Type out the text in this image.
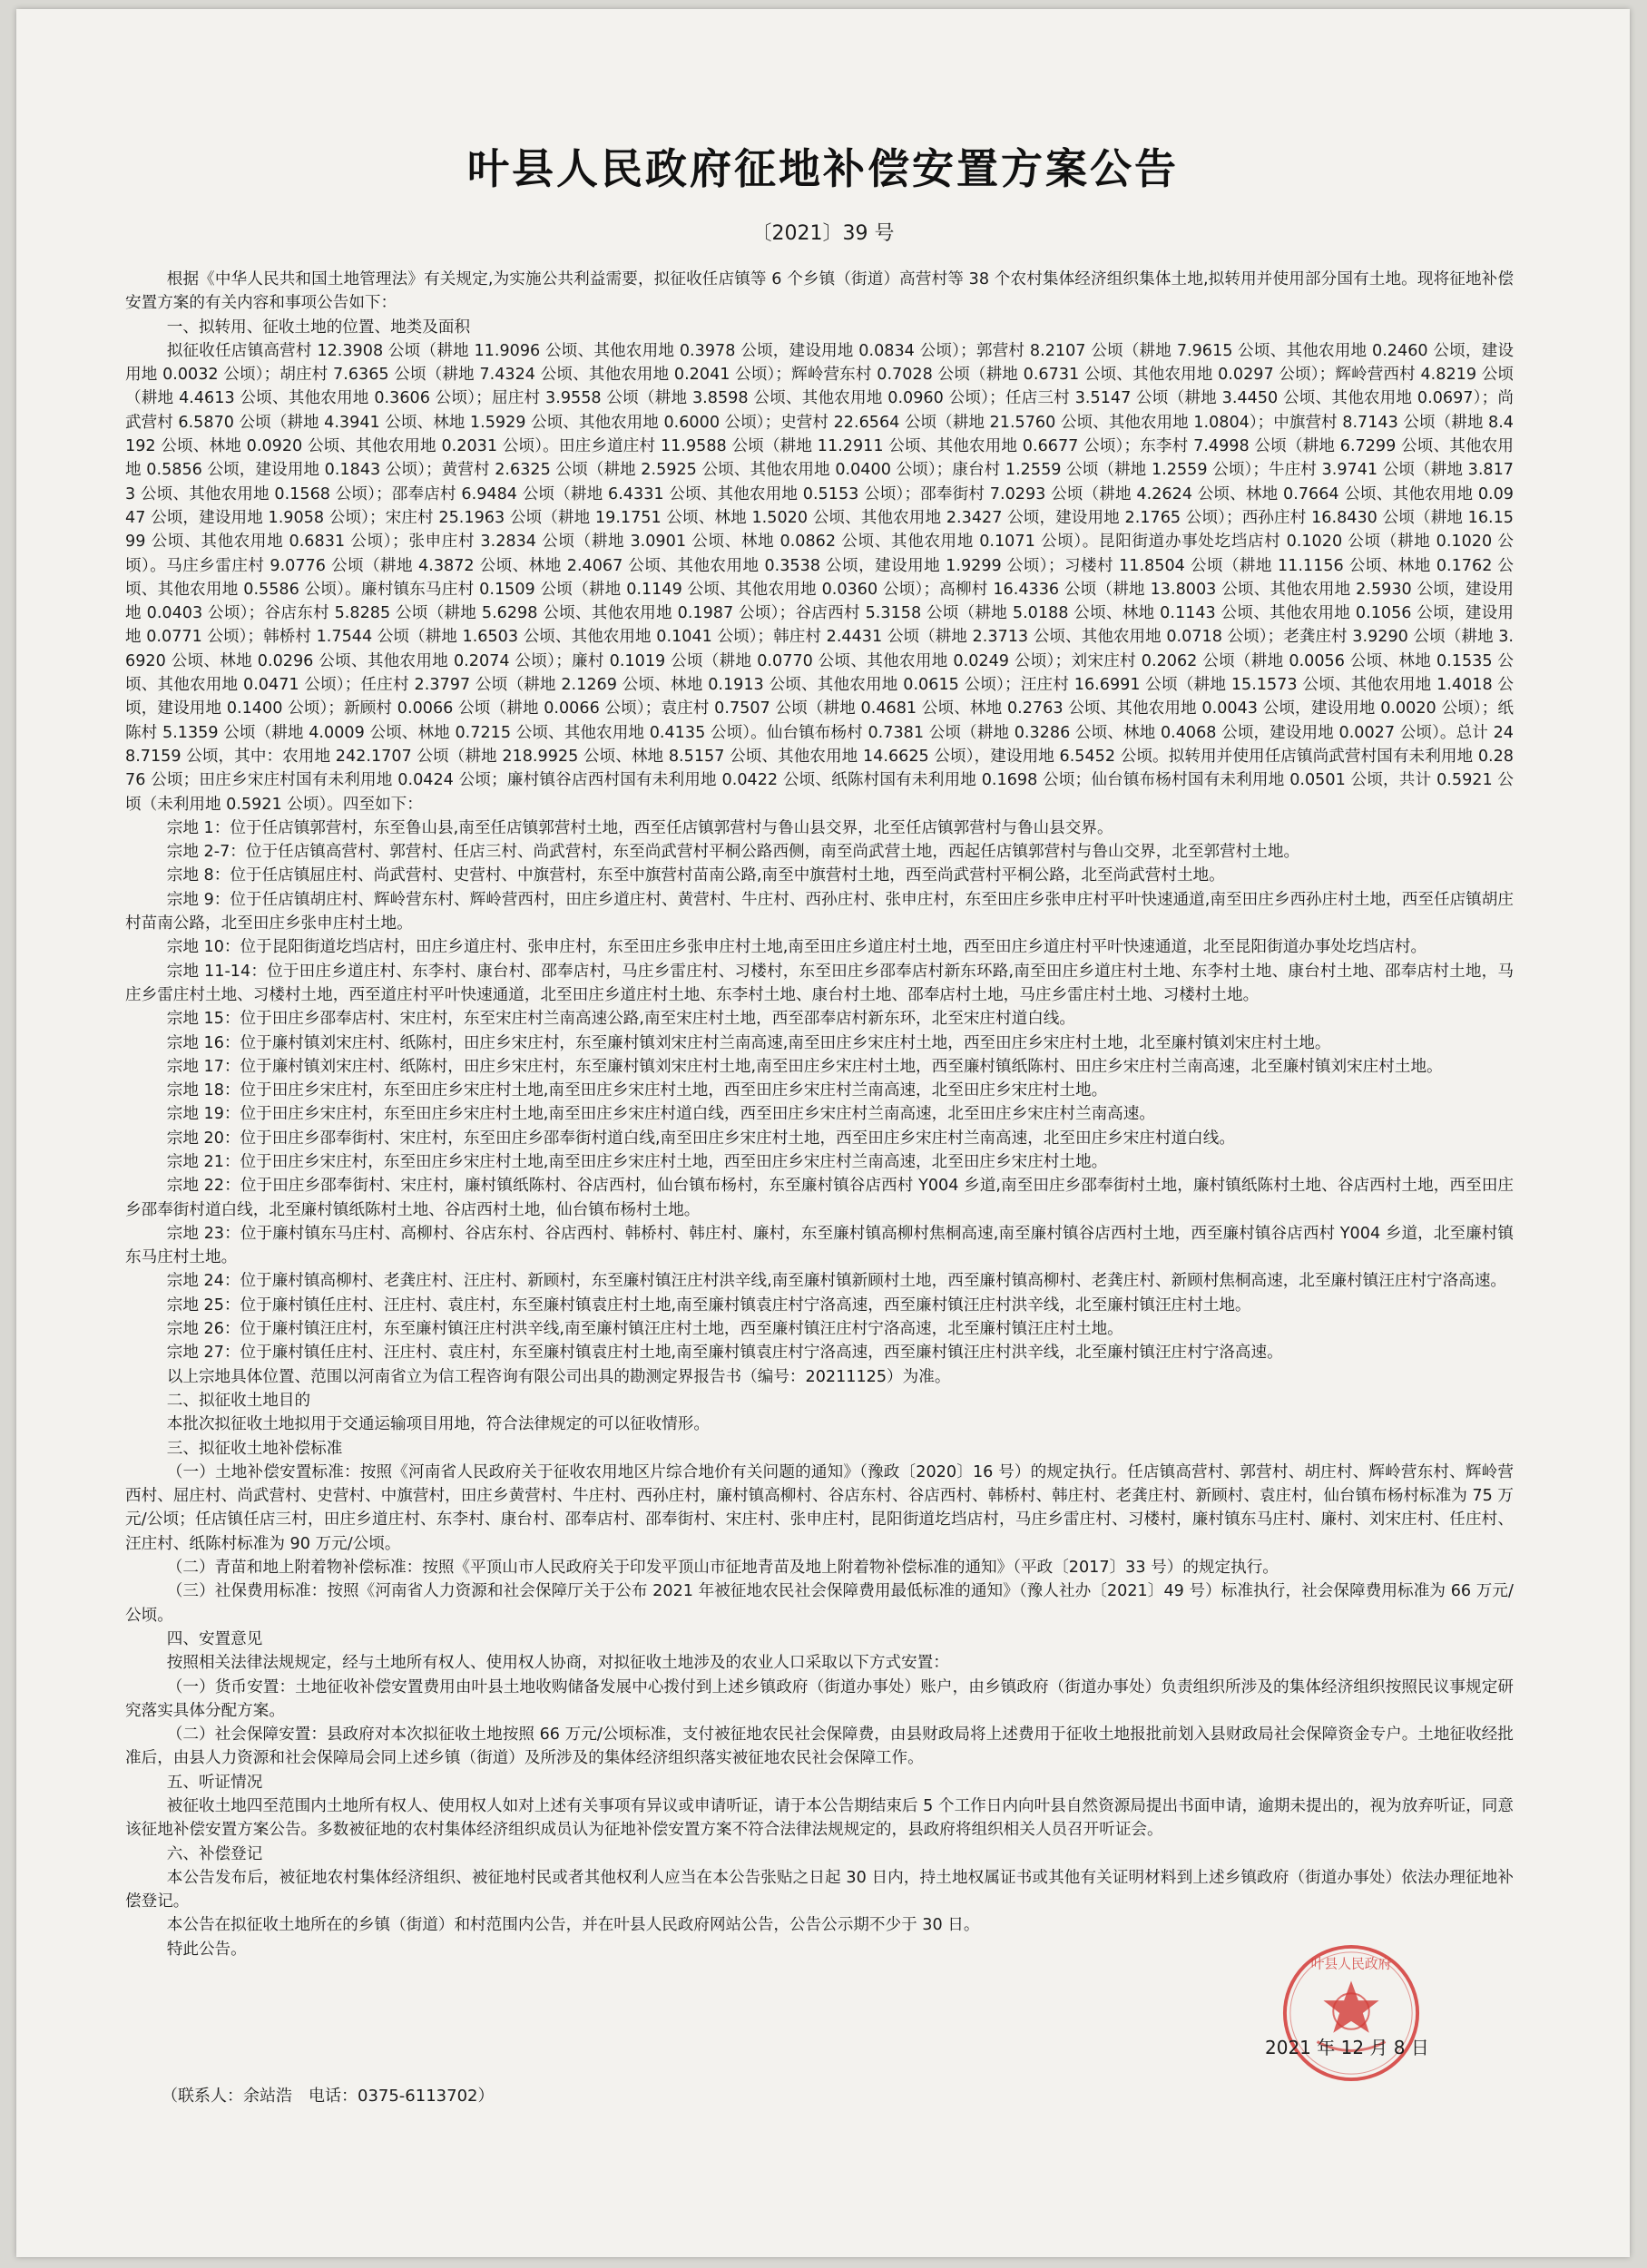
叶县人民政府征地补偿安置方案公告
〔2021〕39 号

根据《中华人民共和国土地管理法》有关规定,为实施公共利益需要，拟征收任店镇等 6 个乡镇（街道）高营村等 38 个农村集体经济组织集体土地,拟转用并使用部分国有土地。现将征地补偿安置方案的有关内容和事项公告如下：

一、拟转用、征收土地的位置、地类及面积

拟征收任店镇高营村 12.3908 公顷（耕地 11.9096 公顷、其他农用地 0.3978 公顷，建设用地 0.0834 公顷）；郭营村 8.2107 公顷（耕地 7.9615 公顷、其他农用地 0.2460 公顷，建设用地 0.0032 公顷）；胡庄村 7.6365 公顷（耕地 7.4324 公顷、其他农用地 0.2041 公顷）；辉岭营东村 0.7028 公顷（耕地 0.6731 公顷、其他农用地 0.0297 公顷）；辉岭营西村 4.8219 公顷（耕地 4.4613 公顷、其他农用地 0.3606 公顷）；屈庄村 3.9558 公顷（耕地 3.8598 公顷、其他农用地 0.0960 公顷）；任店三村 3.5147 公顷（耕地 3.4450 公顷、其他农用地 0.0697）；尚武营村 6.5870 公顷（耕地 4.3941 公顷、林地 1.5929 公顷、其他农用地 0.6000 公顷）；史营村 22.6564 公顷（耕地 21.5760 公顷、其他农用地 1.0804）；中旗营村 8.7143 公顷（耕地 8.4192 公顷、林地 0.0920 公顷、其他农用地 0.2031 公顷）。田庄乡道庄村 11.9588 公顷（耕地 11.2911 公顷、其他农用地 0.6677 公顷）；东李村 7.4998 公顷（耕地 6.7299 公顷、其他农用地 0.5856 公顷，建设用地 0.1843 公顷）；黄营村 2.6325 公顷（耕地 2.5925 公顷、其他农用地 0.0400 公顷）；康台村 1.2559 公顷（耕地 1.2559 公顷）；牛庄村 3.9741 公顷（耕地 3.8173 公顷、其他农用地 0.1568 公顷）；邵奉店村 6.9484 公顷（耕地 6.4331 公顷、其他农用地 0.5153 公顷）；邵奉街村 7.0293 公顷（耕地 4.2624 公顷、林地 0.7664 公顷、其他农用地 0.0947 公顷，建设用地 1.9058 公顷）；宋庄村 25.1963 公顷（耕地 19.1751 公顷、林地 1.5020 公顷、其他农用地 2.3427 公顷，建设用地 2.1765 公顷）；西孙庄村 16.8430 公顷（耕地 16.1599 公顷、其他农用地 0.6831 公顷）；张申庄村 3.2834 公顷（耕地 3.0901 公顷、林地 0.0862 公顷、其他农用地 0.1071 公顷）。昆阳街道办事处圪垱店村 0.1020 公顷（耕地 0.1020 公顷）。马庄乡雷庄村 9.0776 公顷（耕地 4.3872 公顷、林地 2.4067 公顷、其他农用地 0.3538 公顷，建设用地 1.9299 公顷）；习楼村 11.8504 公顷（耕地 11.1156 公顷、林地 0.1762 公顷、其他农用地 0.5586 公顷）。廉村镇东马庄村 0.1509 公顷（耕地 0.1149 公顷、其他农用地 0.0360 公顷）；高柳村 16.4336 公顷（耕地 13.8003 公顷、其他农用地 2.5930 公顷，建设用地 0.0403 公顷）；谷店东村 5.8285 公顷（耕地 5.6298 公顷、其他农用地 0.1987 公顷）；谷店西村 5.3158 公顷（耕地 5.0188 公顷、林地 0.1143 公顷、其他农用地 0.1056 公顷，建设用地 0.0771 公顷）；韩桥村 1.7544 公顷（耕地 1.6503 公顷、其他农用地 0.1041 公顷）；韩庄村 2.4431 公顷（耕地 2.3713 公顷、其他农用地 0.0718 公顷）；老龚庄村 3.9290 公顷（耕地 3.6920 公顷、林地 0.0296 公顷、其他农用地 0.2074 公顷）；廉村 0.1019 公顷（耕地 0.0770 公顷、其他农用地 0.0249 公顷）；刘宋庄村 0.2062 公顷（耕地 0.0056 公顷、林地 0.1535 公顷、其他农用地 0.0471 公顷）；任庄村 2.3797 公顷（耕地 2.1269 公顷、林地 0.1913 公顷、其他农用地 0.0615 公顷）；汪庄村 16.6991 公顷（耕地 15.1573 公顷、其他农用地 1.4018 公顷，建设用地 0.1400 公顷）；新顾村 0.0066 公顷（耕地 0.0066 公顷）；袁庄村 0.7507 公顷（耕地 0.4681 公顷、林地 0.2763 公顷、其他农用地 0.0043 公顷，建设用地 0.0020 公顷）；纸陈村 5.1359 公顷（耕地 4.0009 公顷、林地 0.7215 公顷、其他农用地 0.4135 公顷）。仙台镇布杨村 0.7381 公顷（耕地 0.3286 公顷、林地 0.4068 公顷，建设用地 0.0027 公顷）。总计 248.7159 公顷，其中：农用地 242.1707 公顷（耕地 218.9925 公顷、林地 8.5157 公顷、其他农用地 14.6625 公顷），建设用地 6.5452 公顷。拟转用并使用任店镇尚武营村国有未利用地 0.2876 公顷；田庄乡宋庄村国有未利用地 0.0424 公顷；廉村镇谷店西村国有未利用地 0.0422 公顷、纸陈村国有未利用地 0.1698 公顷；仙台镇布杨村国有未利用地 0.0501 公顷，共计 0.5921 公顷（未利用地 0.5921 公顷）。四至如下：

宗地 1：位于任店镇郭营村，东至鲁山县,南至任店镇郭营村土地，西至任店镇郭营村与鲁山县交界，北至任店镇郭营村与鲁山县交界。

宗地 2-7：位于任店镇高营村、郭营村、任店三村、尚武营村，东至尚武营村平桐公路西侧，南至尚武营土地，西起任店镇郭营村与鲁山交界，北至郭营村土地。

宗地 8：位于任店镇屈庄村、尚武营村、史营村、中旗营村，东至中旗营村苗南公路,南至中旗营村土地，西至尚武营村平桐公路，北至尚武营村土地。

宗地 9：位于任店镇胡庄村、辉岭营东村、辉岭营西村，田庄乡道庄村、黄营村、牛庄村、西孙庄村、张申庄村，东至田庄乡张申庄村平叶快速通道,南至田庄乡西孙庄村土地，西至任店镇胡庄村苗南公路，北至田庄乡张申庄村土地。

宗地 10：位于昆阳街道圪垱店村，田庄乡道庄村、张申庄村，东至田庄乡张申庄村土地,南至田庄乡道庄村土地，西至田庄乡道庄村平叶快速通道，北至昆阳街道办事处圪垱店村。

宗地 11-14：位于田庄乡道庄村、东李村、康台村、邵奉店村，马庄乡雷庄村、习楼村，东至田庄乡邵奉店村新东环路,南至田庄乡道庄村土地、东李村土地、康台村土地、邵奉店村土地，马庄乡雷庄村土地、习楼村土地，西至道庄村平叶快速通道，北至田庄乡道庄村土地、东李村土地、康台村土地、邵奉店村土地，马庄乡雷庄村土地、习楼村土地。

宗地 15：位于田庄乡邵奉店村、宋庄村，东至宋庄村兰南高速公路,南至宋庄村土地，西至邵奉店村新东环，北至宋庄村道白线。

宗地 16：位于廉村镇刘宋庄村、纸陈村，田庄乡宋庄村，东至廉村镇刘宋庄村兰南高速,南至田庄乡宋庄村土地，西至田庄乡宋庄村土地，北至廉村镇刘宋庄村土地。

宗地 17：位于廉村镇刘宋庄村、纸陈村，田庄乡宋庄村，东至廉村镇刘宋庄村土地,南至田庄乡宋庄村土地，西至廉村镇纸陈村、田庄乡宋庄村兰南高速，北至廉村镇刘宋庄村土地。

宗地 18：位于田庄乡宋庄村，东至田庄乡宋庄村土地,南至田庄乡宋庄村土地，西至田庄乡宋庄村兰南高速，北至田庄乡宋庄村土地。

宗地 19：位于田庄乡宋庄村，东至田庄乡宋庄村土地,南至田庄乡宋庄村道白线，西至田庄乡宋庄村兰南高速，北至田庄乡宋庄村兰南高速。

宗地 20：位于田庄乡邵奉街村、宋庄村，东至田庄乡邵奉街村道白线,南至田庄乡宋庄村土地，西至田庄乡宋庄村兰南高速，北至田庄乡宋庄村道白线。

宗地 21：位于田庄乡宋庄村，东至田庄乡宋庄村土地,南至田庄乡宋庄村土地，西至田庄乡宋庄村兰南高速，北至田庄乡宋庄村土地。

宗地 22：位于田庄乡邵奉街村、宋庄村，廉村镇纸陈村、谷店西村，仙台镇布杨村，东至廉村镇谷店西村 Y004 乡道,南至田庄乡邵奉街村土地，廉村镇纸陈村土地、谷店西村土地，西至田庄乡邵奉街村道白线，北至廉村镇纸陈村土地、谷店西村土地，仙台镇布杨村土地。

宗地 23：位于廉村镇东马庄村、高柳村、谷店东村、谷店西村、韩桥村、韩庄村、廉村，东至廉村镇高柳村焦桐高速,南至廉村镇谷店西村土地，西至廉村镇谷店西村 Y004 乡道，北至廉村镇东马庄村土地。

宗地 24：位于廉村镇高柳村、老龚庄村、汪庄村、新顾村，东至廉村镇汪庄村洪辛线,南至廉村镇新顾村土地，西至廉村镇高柳村、老龚庄村、新顾村焦桐高速，北至廉村镇汪庄村宁洛高速。

宗地 25：位于廉村镇任庄村、汪庄村、袁庄村，东至廉村镇袁庄村土地,南至廉村镇袁庄村宁洛高速，西至廉村镇汪庄村洪辛线，北至廉村镇汪庄村土地。

宗地 26：位于廉村镇汪庄村，东至廉村镇汪庄村洪辛线,南至廉村镇汪庄村土地，西至廉村镇汪庄村宁洛高速，北至廉村镇汪庄村土地。

宗地 27：位于廉村镇任庄村、汪庄村、袁庄村，东至廉村镇袁庄村土地,南至廉村镇袁庄村宁洛高速，西至廉村镇汪庄村洪辛线，北至廉村镇汪庄村宁洛高速。

以上宗地具体位置、范围以河南省立为信工程咨询有限公司出具的勘测定界报告书（编号：20211125）为准。

二、拟征收土地目的

本批次拟征收土地拟用于交通运输项目用地，符合法律规定的可以征收情形。

三、拟征收土地补偿标准

（一）土地补偿安置标准：按照《河南省人民政府关于征收农用地区片综合地价有关问题的通知》（豫政〔2020〕16 号）的规定执行。任店镇高营村、郭营村、胡庄村、辉岭营东村、辉岭营西村、屈庄村、尚武营村、史营村、中旗营村，田庄乡黄营村、牛庄村、西孙庄村，廉村镇高柳村、谷店东村、谷店西村、韩桥村、韩庄村、老龚庄村、新顾村、袁庄村，仙台镇布杨村标准为 75 万元/公顷；任店镇任店三村，田庄乡道庄村、东李村、康台村、邵奉店村、邵奉街村、宋庄村、张申庄村，昆阳街道圪垱店村，马庄乡雷庄村、习楼村，廉村镇东马庄村、廉村、刘宋庄村、任庄村、汪庄村、纸陈村标准为 90 万元/公顷。

（二）青苗和地上附着物补偿标准：按照《平顶山市人民政府关于印发平顶山市征地青苗及地上附着物补偿标准的通知》（平政〔2017〕33 号）的规定执行。

（三）社保费用标准：按照《河南省人力资源和社会保障厅关于公布 2021 年被征地农民社会保障费用最低标准的通知》（豫人社办〔2021〕49 号）标准执行，社会保障费用标准为 66 万元/公顷。

四、安置意见

按照相关法律法规规定，经与土地所有权人、使用权人协商，对拟征收土地涉及的农业人口采取以下方式安置：

（一）货币安置：土地征收补偿安置费用由叶县土地收购储备发展中心拨付到上述乡镇政府（街道办事处）账户，由乡镇政府（街道办事处）负责组织所涉及的集体经济组织按照民议事规定研究落实具体分配方案。

（二）社会保障安置：县政府对本次拟征收土地按照 66 万元/公顷标准，支付被征地农民社会保障费，由县财政局将上述费用于征收土地报批前划入县财政局社会保障资金专户。土地征收经批准后，由县人力资源和社会保障局会同上述乡镇（街道）及所涉及的集体经济组织落实被征地农民社会保障工作。

五、听证情况

被征收土地四至范围内土地所有权人、使用权人如对上述有关事项有异议或申请听证，请于本公告期结束后 5 个工作日内向叶县自然资源局提出书面申请，逾期未提出的，视为放弃听证，同意该征地补偿安置方案公告。多数被征地的农村集体经济组织成员认为征地补偿安置方案不符合法律法规规定的，县政府将组织相关人员召开听证会。

六、补偿登记

本公告发布后，被征地农村集体经济组织、被征地村民或者其他权利人应当在本公告张贴之日起 30 日内，持土地权属证书或其他有关证明材料到上述乡镇政府（街道办事处）依法办理征地补偿登记。

本公告在拟征收土地所在的乡镇（街道）和村范围内公告，并在叶县人民政府网站公告，公告公示期不少于 30 日。

特此公告。

叶县人民政府
2021 年 12 月 8 日
（联系人：余站浩　电话：0375-6113702）
